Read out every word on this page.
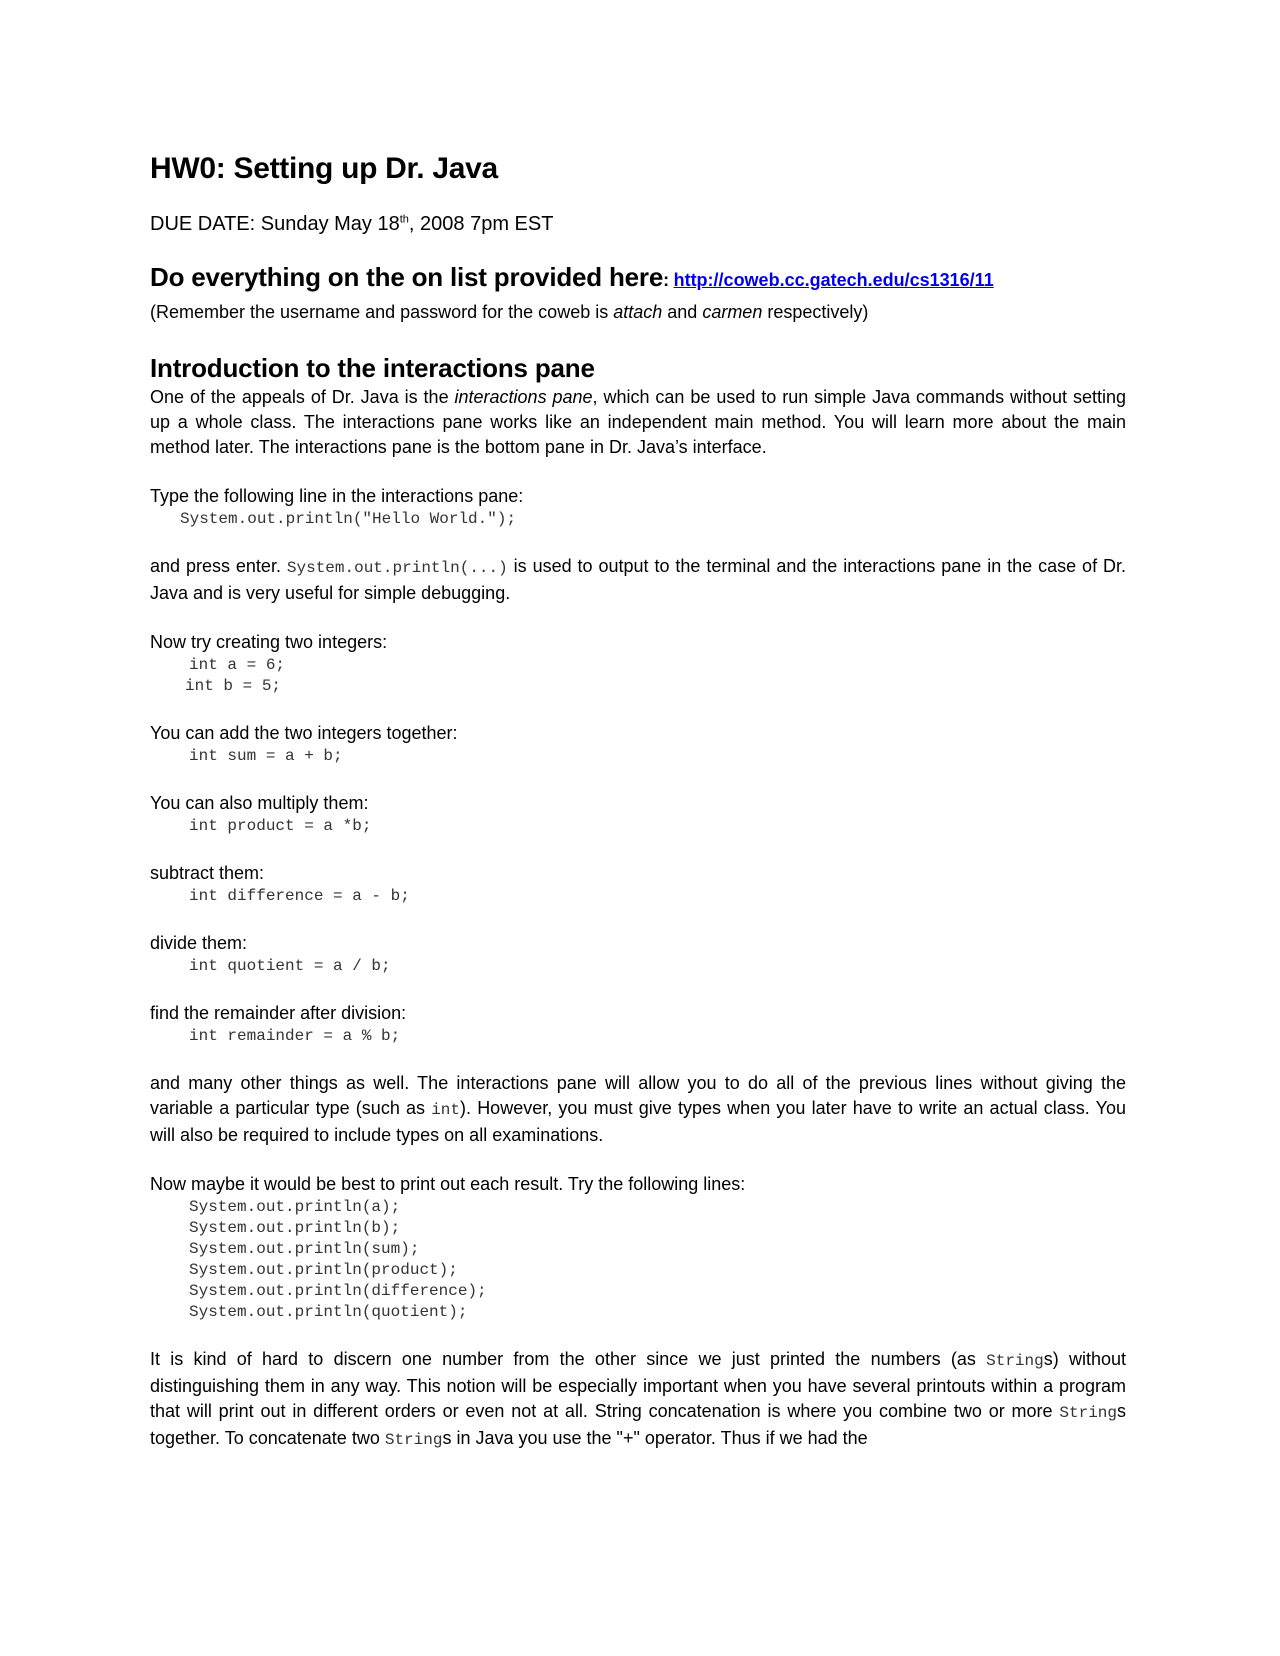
HW0: Setting up Dr. Java
DUE DATE: Sunday May 18th, 2008 7pm EST
Do everything on the on list provided here: http://coweb.cc.gatech.edu/cs1316/11

(Remember the username and password for the coweb is attach and carmen respectively)

Introduction to the interactions pane

One of the appeals of Dr. Java is the interactions pane, which can be used to run simple Java commands without setting up a whole class. The interactions pane works like an independent main method. You will learn more about the main method later. The interactions pane is the bottom pane in Dr. Java’s interface.

Type the following line in the interactions pane:

System.out.println("Hello World.");

and press enter. System.out.println(...) is used to output to the terminal and the interactions pane in the case of Dr. Java and is very useful for simple debugging.

Now try creating two integers:

int a = 6;
int b = 5;

You can add the two integers together:

int sum = a + b;

You can also multiply them:

int product = a *b;

subtract them:

int difference = a - b;

divide them:

int quotient = a / b;

find the remainder after division:

int remainder = a % b;

and many other things as well. The interactions pane will allow you to do all of the previous lines without giving the variable a particular type (such as int). However, you must give types when you later have to write an actual class. You will also be required to include types on all examinations.

Now maybe it would be best to print out each result. Try the following lines:

System.out.println(a);
System.out.println(b);
System.out.println(sum);
System.out.println(product);
System.out.println(difference);
System.out.println(quotient);

It is kind of hard to discern one number from the other since we just printed the numbers (as Strings) without distinguishing them in any way. This notion will be especially important when you have several printouts within a program that will print out in different orders or even not at all. String concatenation is where you combine two or more Strings together. To concatenate two Strings in Java you use the "+" operator. Thus if we had the
